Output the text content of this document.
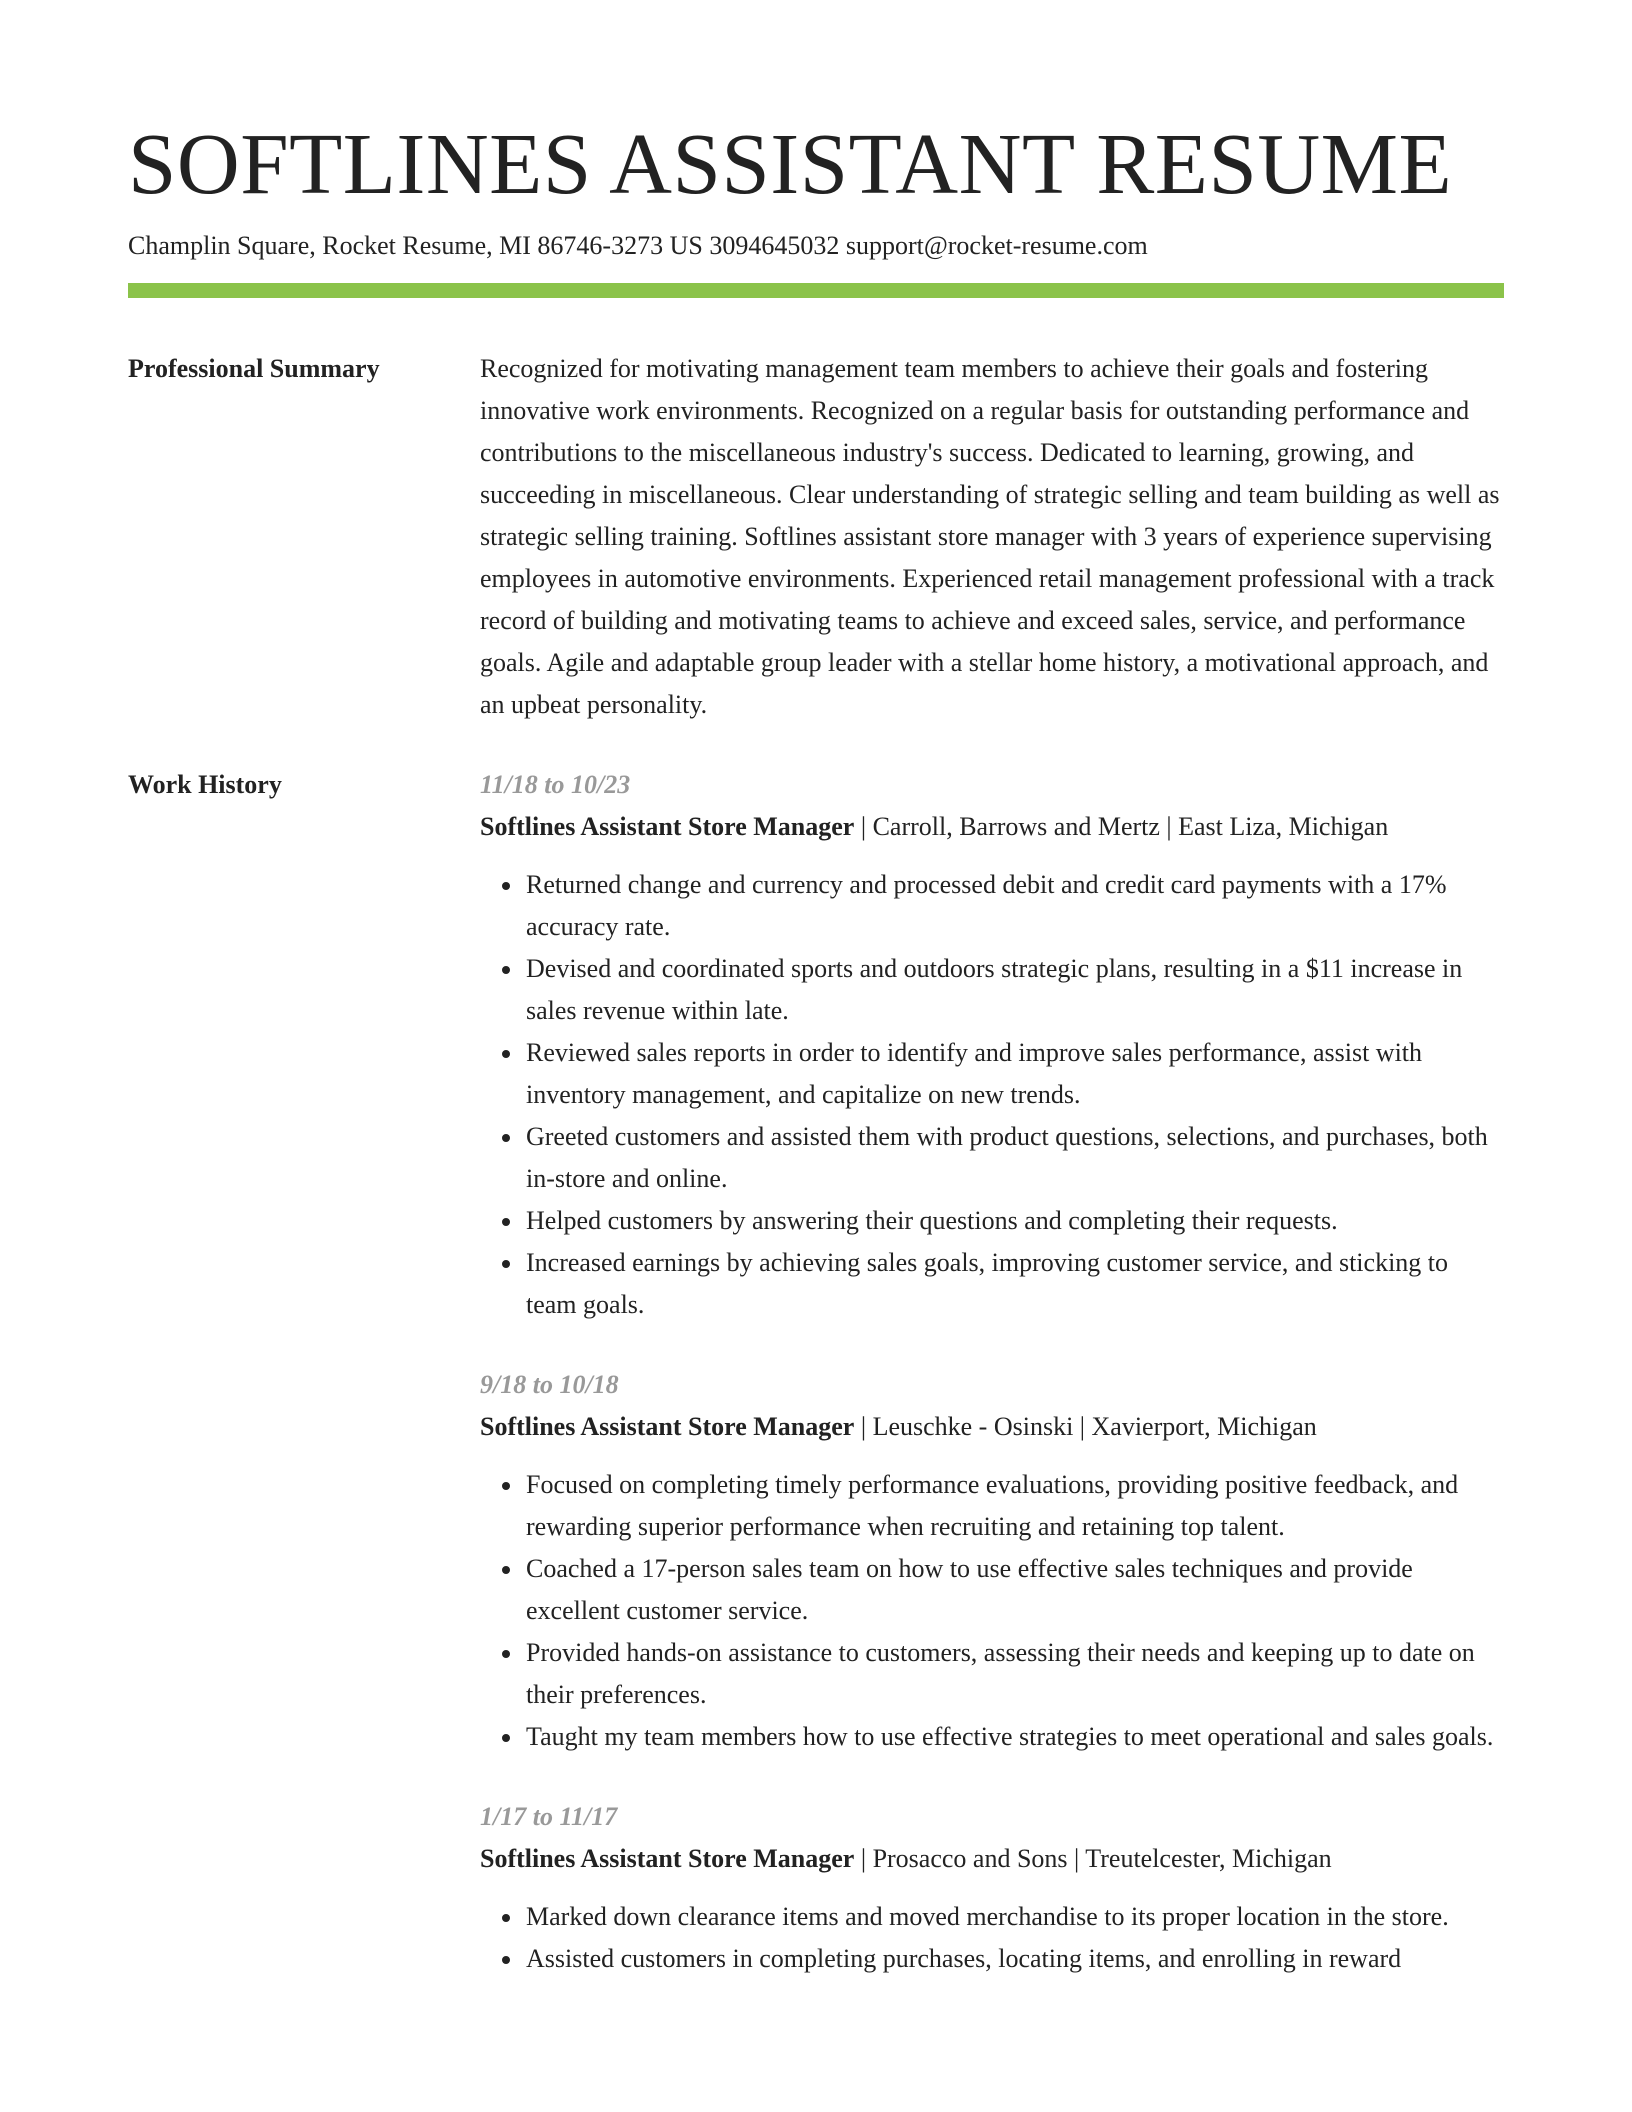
SOFTLINES ASSISTANT RESUME
Champlin Square, Rocket Resume, MI 86746-3273 US 3094645032 support@rocket-resume.com
Professional Summary	Recognized for motivating management team members to achieve their goals and fostering innovative work environments. Recognized on a regular basis for outstanding performance and contributions to the miscellaneous industry's success. Dedicated to learning, growing, and succeeding in miscellaneous. Clear understanding of strategic selling and team building as well as strategic selling training. Softlines assistant store manager with 3 years of experience supervising employees in automotive environments. Experienced retail management professional with a track record of building and motivating teams to achieve and exceed sales, service, and performance goals. Agile and adaptable group leader with a stellar home history, a motivational approach, and an upbeat personality.

Work History	11/18 to 10/23
Softlines Assistant Store Manager | Carroll, Barrows and Mertz | East Liza, Michigan
• Returned change and currency and processed debit and credit card payments with a 17% accuracy rate.
• Devised and coordinated sports and outdoors strategic plans, resulting in a $11 increase in sales revenue within late.
• Reviewed sales reports in order to identify and improve sales performance, assist with inventory management, and capitalize on new trends.
• Greeted customers and assisted them with product questions, selections, and purchases, both in-store and online.
• Helped customers by answering their questions and completing their requests.
• Increased earnings by achieving sales goals, improving customer service, and sticking to team goals.
9/18 to 10/18
Softlines Assistant Store Manager | Leuschke - Osinski | Xavierport, Michigan
• Focused on completing timely performance evaluations, providing positive feedback, and rewarding superior performance when recruiting and retaining top talent.
• Coached a 17-person sales team on how to use effective sales techniques and provide excellent customer service.
• Provided hands-on assistance to customers, assessing their needs and keeping up to date on their preferences.
• Taught my team members how to use effective strategies to meet operational and sales goals.
1/17 to 11/17
Softlines Assistant Store Manager | Prosacco and Sons | Treutelcester, Michigan
• Marked down clearance items and moved merchandise to its proper location in the store.
• Assisted customers in completing purchases, locating items, and enrolling in reward
